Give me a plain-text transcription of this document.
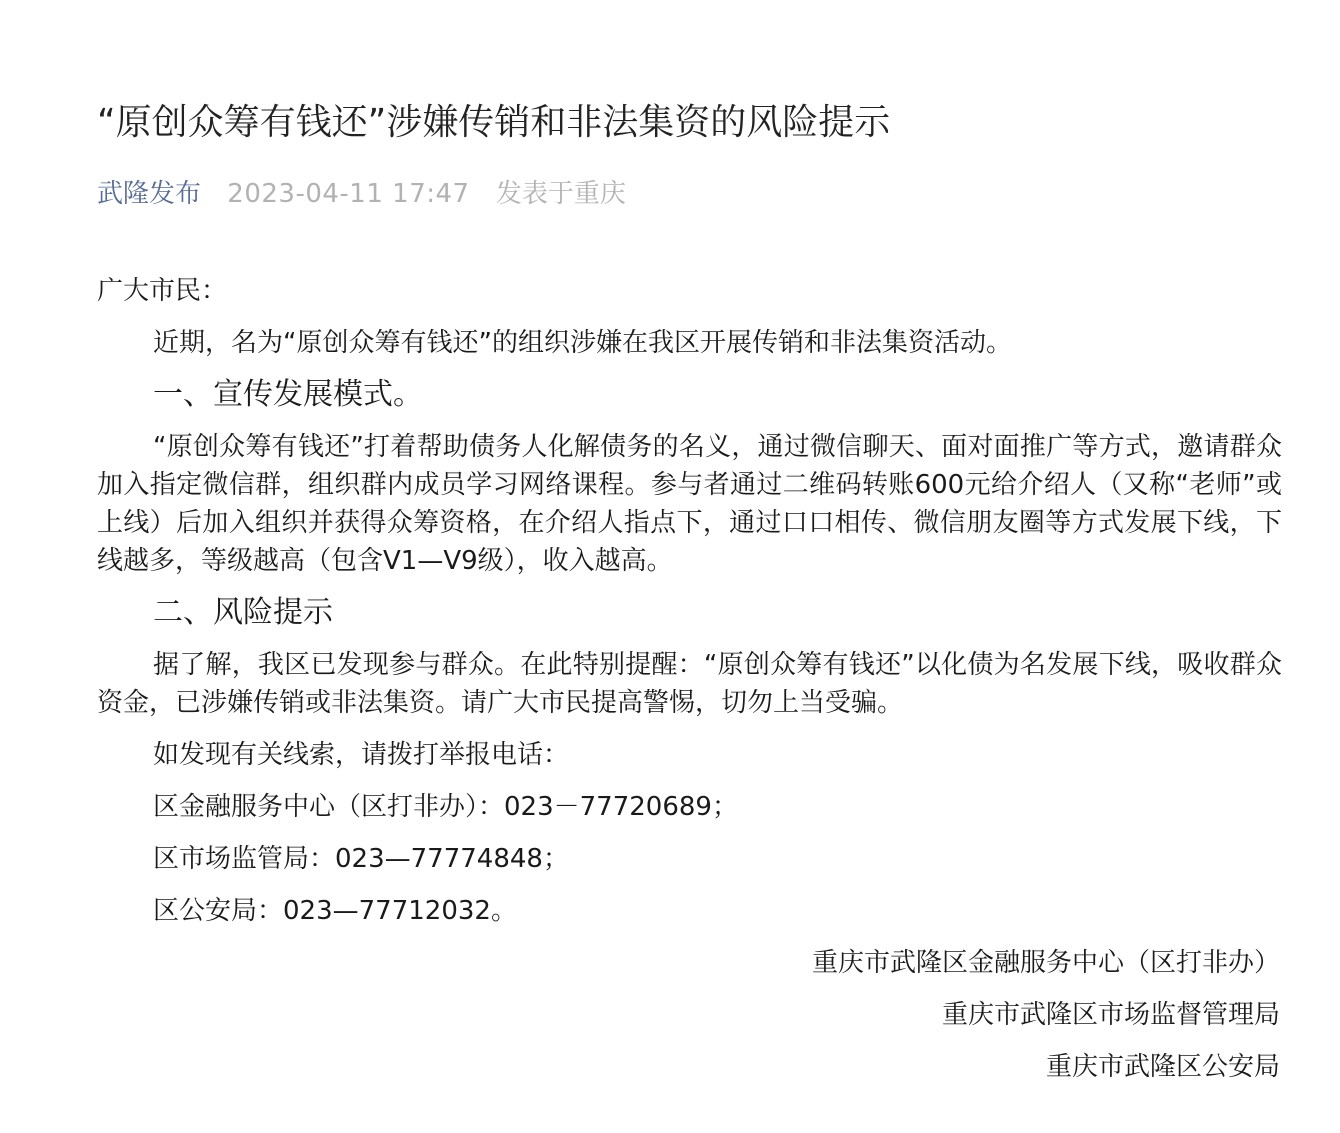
“原创众筹有钱还”涉嫌传销和非法集资的风险提示
武隆发布 2023-04-11 17:47 发表于重庆

广大市民：

近期，名为“原创众筹有钱还”的组织涉嫌在我区开展传销和非法集资活动。

一、宣传发展模式。

“原创众筹有钱还”打着帮助债务人化解债务的名义，通过微信聊天、面对面推广等方式，邀请群众加入指定微信群，组织群内成员学习网络课程。参与者通过二维码转账600元给介绍人（又称“老师”或上线）后加入组织并获得众筹资格，在介绍人指点下，通过口口相传、微信朋友圈等方式发展下线，下线越多，等级越高（包含V1—V9级），收入越高。

二、风险提示

据了解，我区已发现参与群众。在此特别提醒：“原创众筹有钱还”以化债为名发展下线，吸收群众资金，已涉嫌传销或非法集资。请广大市民提高警惕，切勿上当受骗。

如发现有关线索，请拨打举报电话：

区金融服务中心（区打非办）：023－77720689；

区市场监管局：023—77774848；

区公安局：023—77712032。

重庆市武隆区金融服务中心（区打非办）

重庆市武隆区市场监督管理局

重庆市武隆区公安局
